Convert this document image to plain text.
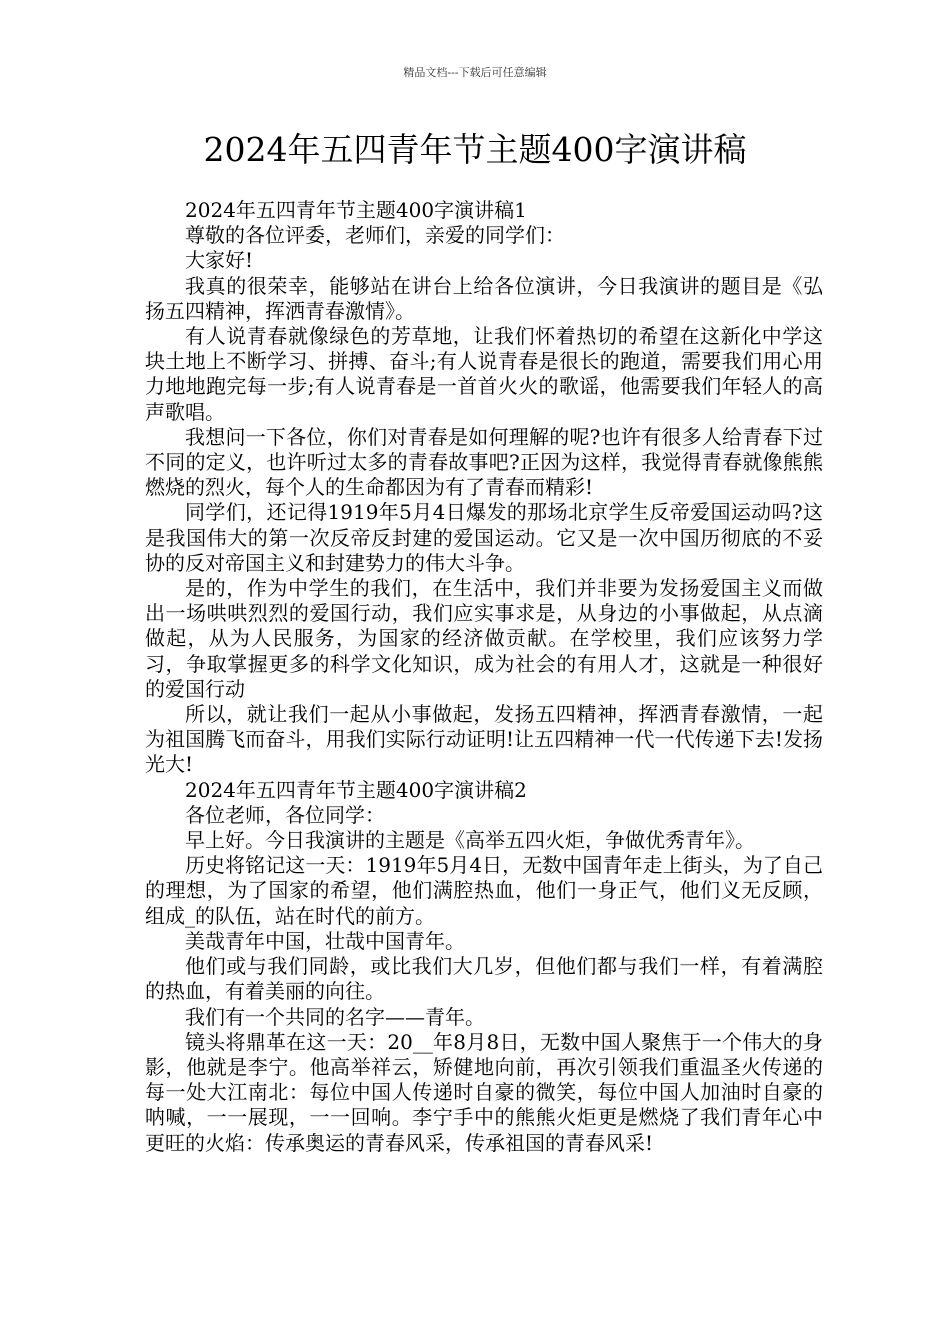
精品文档---下载后可任意编辑
2024年五四青年节主题400字演讲稿

2024年五四青年节主题400字演讲稿1

尊敬的各位评委，老师们，亲爱的同学们：

大家好!

我真的很荣幸，能够站在讲台上给各位演讲，今日我演讲的题目是《弘扬五四精神，挥洒青春激情》。

有人说青春就像绿色的芳草地，让我们怀着热切的希望在这新化中学这块土地上不断学习、拼搏、奋斗;有人说青春是很长的跑道，需要我们用心用力地地跑完每一步;有人说青春是一首首火火的歌谣，他需要我们年轻人的高声歌唱。

我想问一下各位，你们对青春是如何理解的呢?也许有很多人给青春下过不同的定义，也许听过太多的青春故事吧?正因为这样，我觉得青春就像熊熊燃烧的烈火，每个人的生命都因为有了青春而精彩!

同学们，还记得1919年5月4日爆发的那场北京学生反帝爱国运动吗?这是我国伟大的第一次反帝反封建的爱国运动。它又是一次中国历彻底的不妥协的反对帝国主义和封建势力的伟大斗争。

是的，作为中学生的我们，在生活中，我们并非要为发扬爱国主义而做出一场哄哄烈烈的爱国行动，我们应实事求是，从身边的小事做起，从点滴做起，从为人民服务，为国家的经济做贡献。在学校里，我们应该努力学习，争取掌握更多的科学文化知识，成为社会的有用人才，这就是一种很好的爱国行动

所以，就让我们一起从小事做起，发扬五四精神，挥洒青春激情，一起为祖国腾飞而奋斗，用我们实际行动证明!让五四精神一代一代传递下去!发扬光大!

2024年五四青年节主题400字演讲稿2

各位老师，各位同学：

早上好。今日我演讲的主题是《高举五四火炬，争做优秀青年》。

历史将铭记这一天：1919年5月4日，无数中国青年走上街头，为了自己的理想，为了国家的希望，他们满腔热血，他们一身正气，他们义无反顾，组成_的队伍，站在时代的前方。

美哉青年中国，壮哉中国青年。

他们或与我们同龄，或比我们大几岁，但他们都与我们一样，有着满腔的热血，有着美丽的向往。

我们有一个共同的名字——青年。

镜头将鼎革在这一天：20__年8月8日，无数中国人聚焦于一个伟大的身影，他就是李宁。他高举祥云，矫健地向前，再次引领我们重温圣火传递的每一处大江南北：每位中国人传递时自豪的微笑，每位中国人加油时自豪的呐喊，一一展现，一一回响。李宁手中的熊熊火炬更是燃烧了我们青年心中更旺的火焰：传承奥运的青春风采，传承祖国的青春风采!
